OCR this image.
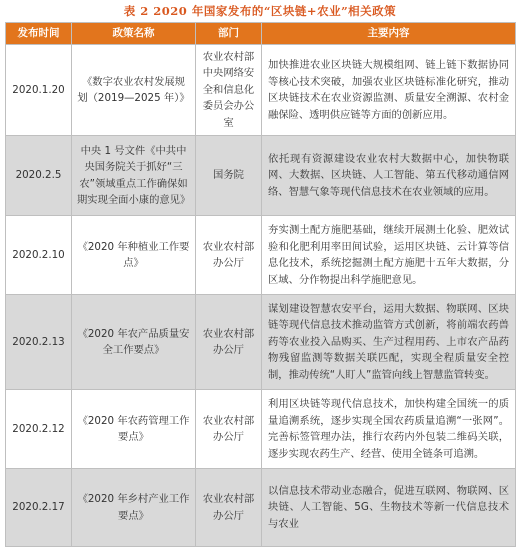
表 2 2020 年国家发布的“区块链+农业”相关政策
发布时间	政策名称	部门	主要内容
2020.1.20	《数字农业农村发展规划（2019—2025 年）》	农业农村部 中央网络安全和信息化委员会办公室	加快推进农业区块链大规模组网、链上链下数据协同等核心技术突破，加强农业区块链标准化研究，推动区块链技术在农业资源监测、质量安全溯源、农村金融保险、透明供应链等方面的创新应用。
2020.2.5	中央 1 号文件《中共中央国务院关于抓好“三农”领域重点工作确保如期实现全面小康的意见》	国务院	依托现有资源建设农业农村大数据中心，加快物联网、大数据、区块链、人工智能、第五代移动通信网络、智慧气象等现代信息技术在农业领域的应用。
2020.2.10	《2020 年种植业工作要点》	农业农村部办公厅	夯实测土配方施肥基础，继续开展测土化验、肥效试验和化肥利用率田间试验，运用区块链、云计算等信息化技术，系统挖掘测土配方施肥十五年大数据，分区域、分作物提出科学施肥意见。
2020.2.13	《2020 年农产品质量安全工作要点》	农业农村部办公厅	谋划建设智慧农安平台，运用大数据、物联网、区块链等现代信息技术推动监管方式创新，将前端农药兽药等农业投入品购买、生产过程用药、上市农产品药物残留监测等数据关联匹配，实现全程质量安全控制，推动传统“人盯人”监管向线上智慧监管转变。
2020.2.12	《2020 年农药管理工作要点》	农业农村部办公厅	利用区块链等现代信息技术，加快构建全国统一的质量追溯系统，逐步实现全国农药质量追溯“一张网”。完善标签管理办法，推行农药内外包装二维码关联，逐步实现农药生产、经营、使用全链条可追溯。
2020.2.17	《2020 年乡村产业工作要点》	农业农村部办公厅	以信息技术带动业态融合，促进互联网、物联网、区块链、人工智能、5G、生物技术等新一代信息技术与农业
